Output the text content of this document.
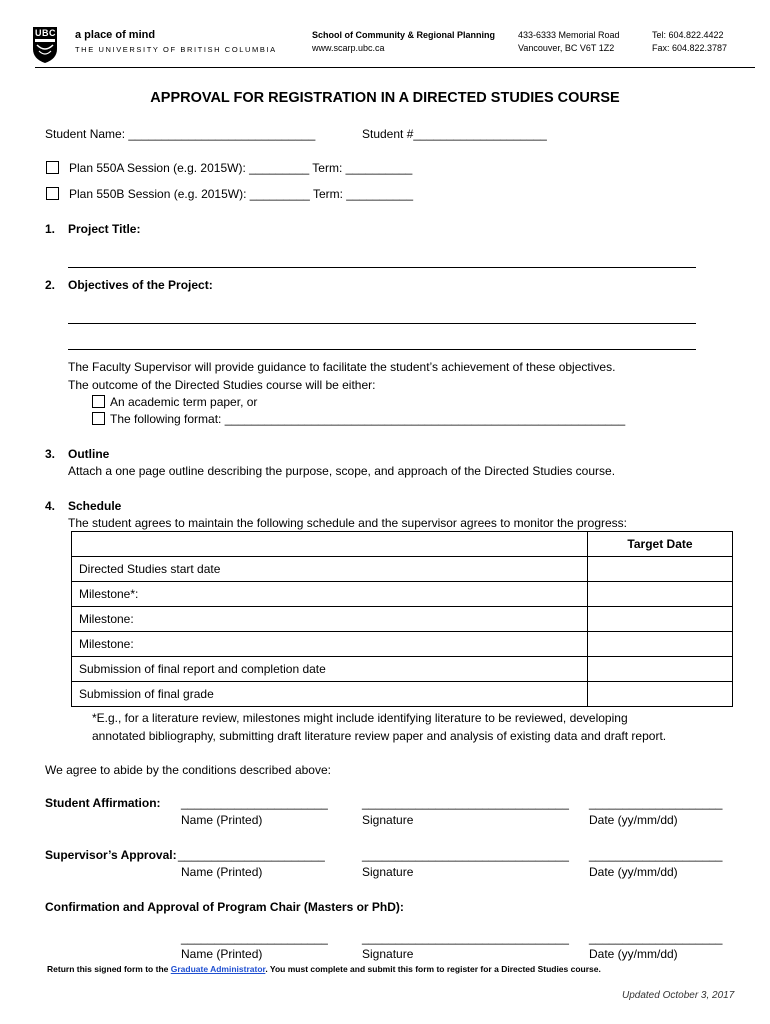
UBC a place of mind
THE UNIVERSITY OF BRITISH COLUMBIA
School of Community & Regional Planning
www.scarp.ubc.ca
433-6333 Memorial Road
Vancouver, BC V6T 1Z2
Tel: 604.822.4422
Fax: 604.822.3787
APPROVAL FOR REGISTRATION IN A DIRECTED STUDIES COURSE
Student Name: ____________________________	Student #____________________
Plan 550A Session (e.g. 2015W): _________ Term: __________
Plan 550B Session (e.g. 2015W): _________ Term: __________
1. Project Title:
2. Objectives of the Project:
The Faculty Supervisor will provide guidance to facilitate the student’s achievement of these objectives.
The outcome of the Directed Studies course will be either:
An academic term paper, or
The following format: ____________________________________________________________
3. Outline
Attach a one page outline describing the purpose, scope, and approach of the Directed Studies course.
4. Schedule
The student agrees to maintain the following schedule and the supervisor agrees to monitor the progress:
	Target Date
Directed Studies start date	
Milestone*:	
Milestone:	
Milestone:	
Submission of final report and completion date	
Submission of final grade	
*E.g., for a literature review, milestones might include identifying literature to be reviewed, developing
annotated bibliography, submitting draft literature review paper and analysis of existing data and draft report.
We agree to abide by the conditions described above:
Student Affirmation: ______________________	_______________________________ ____________________
Name (Printed)	Signature	Date (yy/mm/dd)
Supervisor’s Approval: ______________________	_______________________________ ____________________
Name (Printed)	Signature	Date (yy/mm/dd)
Confirmation and Approval of Program Chair (Masters or PhD):
______________________	_______________________________ ____________________
Name (Printed)	Signature	Date (yy/mm/dd)
Return this signed form to the Graduate Administrator. You must complete and submit this form to register for a Directed Studies course.
Updated October 3, 2017
